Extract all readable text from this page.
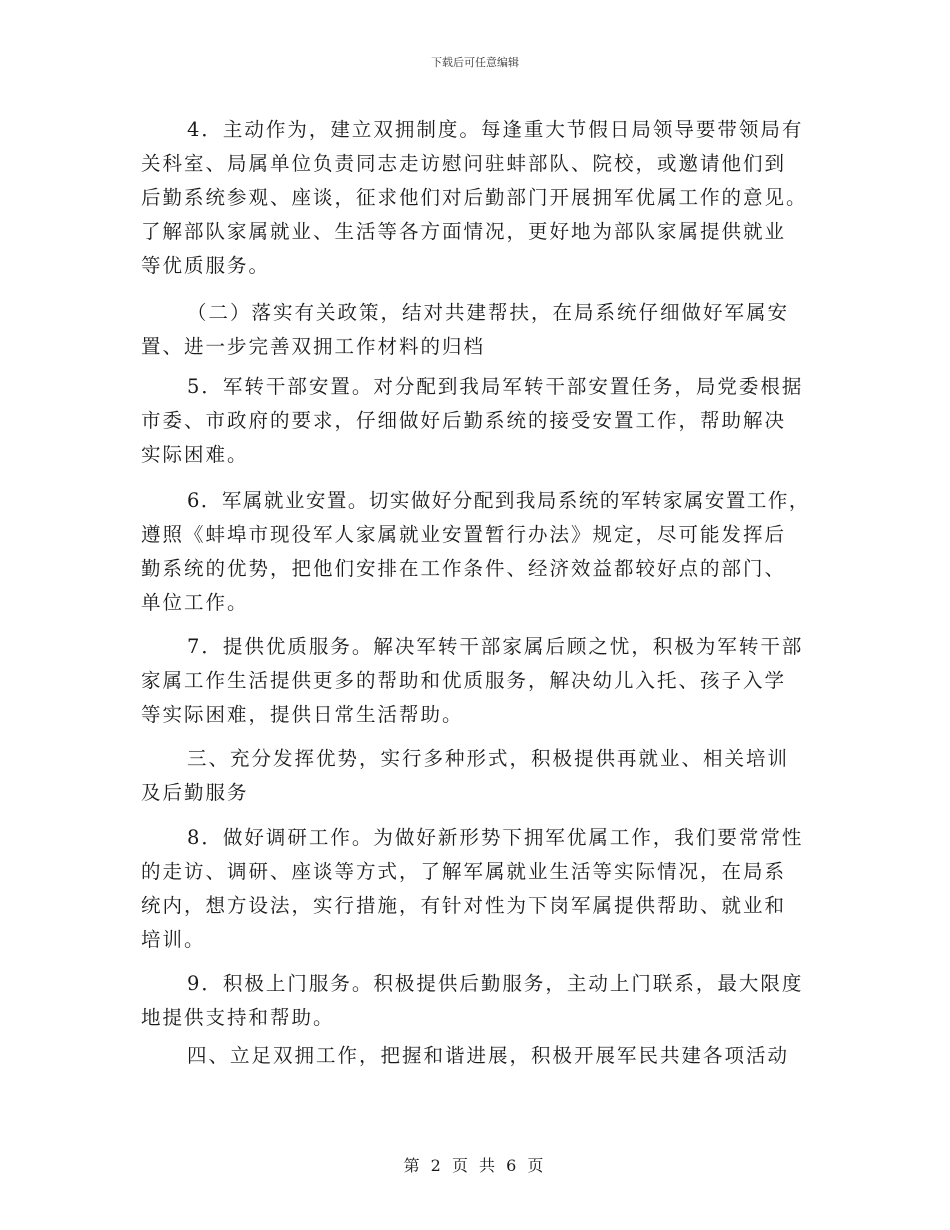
下载后可任意编辑
4．主动作为，建立双拥制度。每逢重大节假日局领导要带领局有
关科室、局属单位负责同志走访慰问驻蚌部队、院校，或邀请他们到
后勤系统参观、座谈，征求他们对后勤部门开展拥军优属工作的意见。
了解部队家属就业、生活等各方面情况，更好地为部队家属提供就业
等优质服务。
（二）落实有关政策，结对共建帮扶，在局系统仔细做好军属安
置、进一步完善双拥工作材料的归档
5．军转干部安置。对分配到我局军转干部安置任务，局党委根据
市委、市政府的要求，仔细做好后勤系统的接受安置工作，帮助解决
实际困难。
6．军属就业安置。切实做好分配到我局系统的军转家属安置工作，
遵照《蚌埠市现役军人家属就业安置暂行办法》规定，尽可能发挥后
勤系统的优势，把他们安排在工作条件、经济效益都较好点的部门、
单位工作。
7．提供优质服务。解决军转干部家属后顾之忧，积极为军转干部
家属工作生活提供更多的帮助和优质服务，解决幼儿入托、孩子入学
等实际困难，提供日常生活帮助。
三、充分发挥优势，实行多种形式，积极提供再就业、相关培训
及后勤服务
8．做好调研工作。为做好新形势下拥军优属工作，我们要常常性
的走访、调研、座谈等方式，了解军属就业生活等实际情况，在局系
统内，想方设法，实行措施，有针对性为下岗军属提供帮助、就业和
培训。
9．积极上门服务。积极提供后勤服务，主动上门联系，最大限度
地提供支持和帮助。
四、立足双拥工作，把握和谐进展，积极开展军民共建各项活动
第 2 页 共 6 页
